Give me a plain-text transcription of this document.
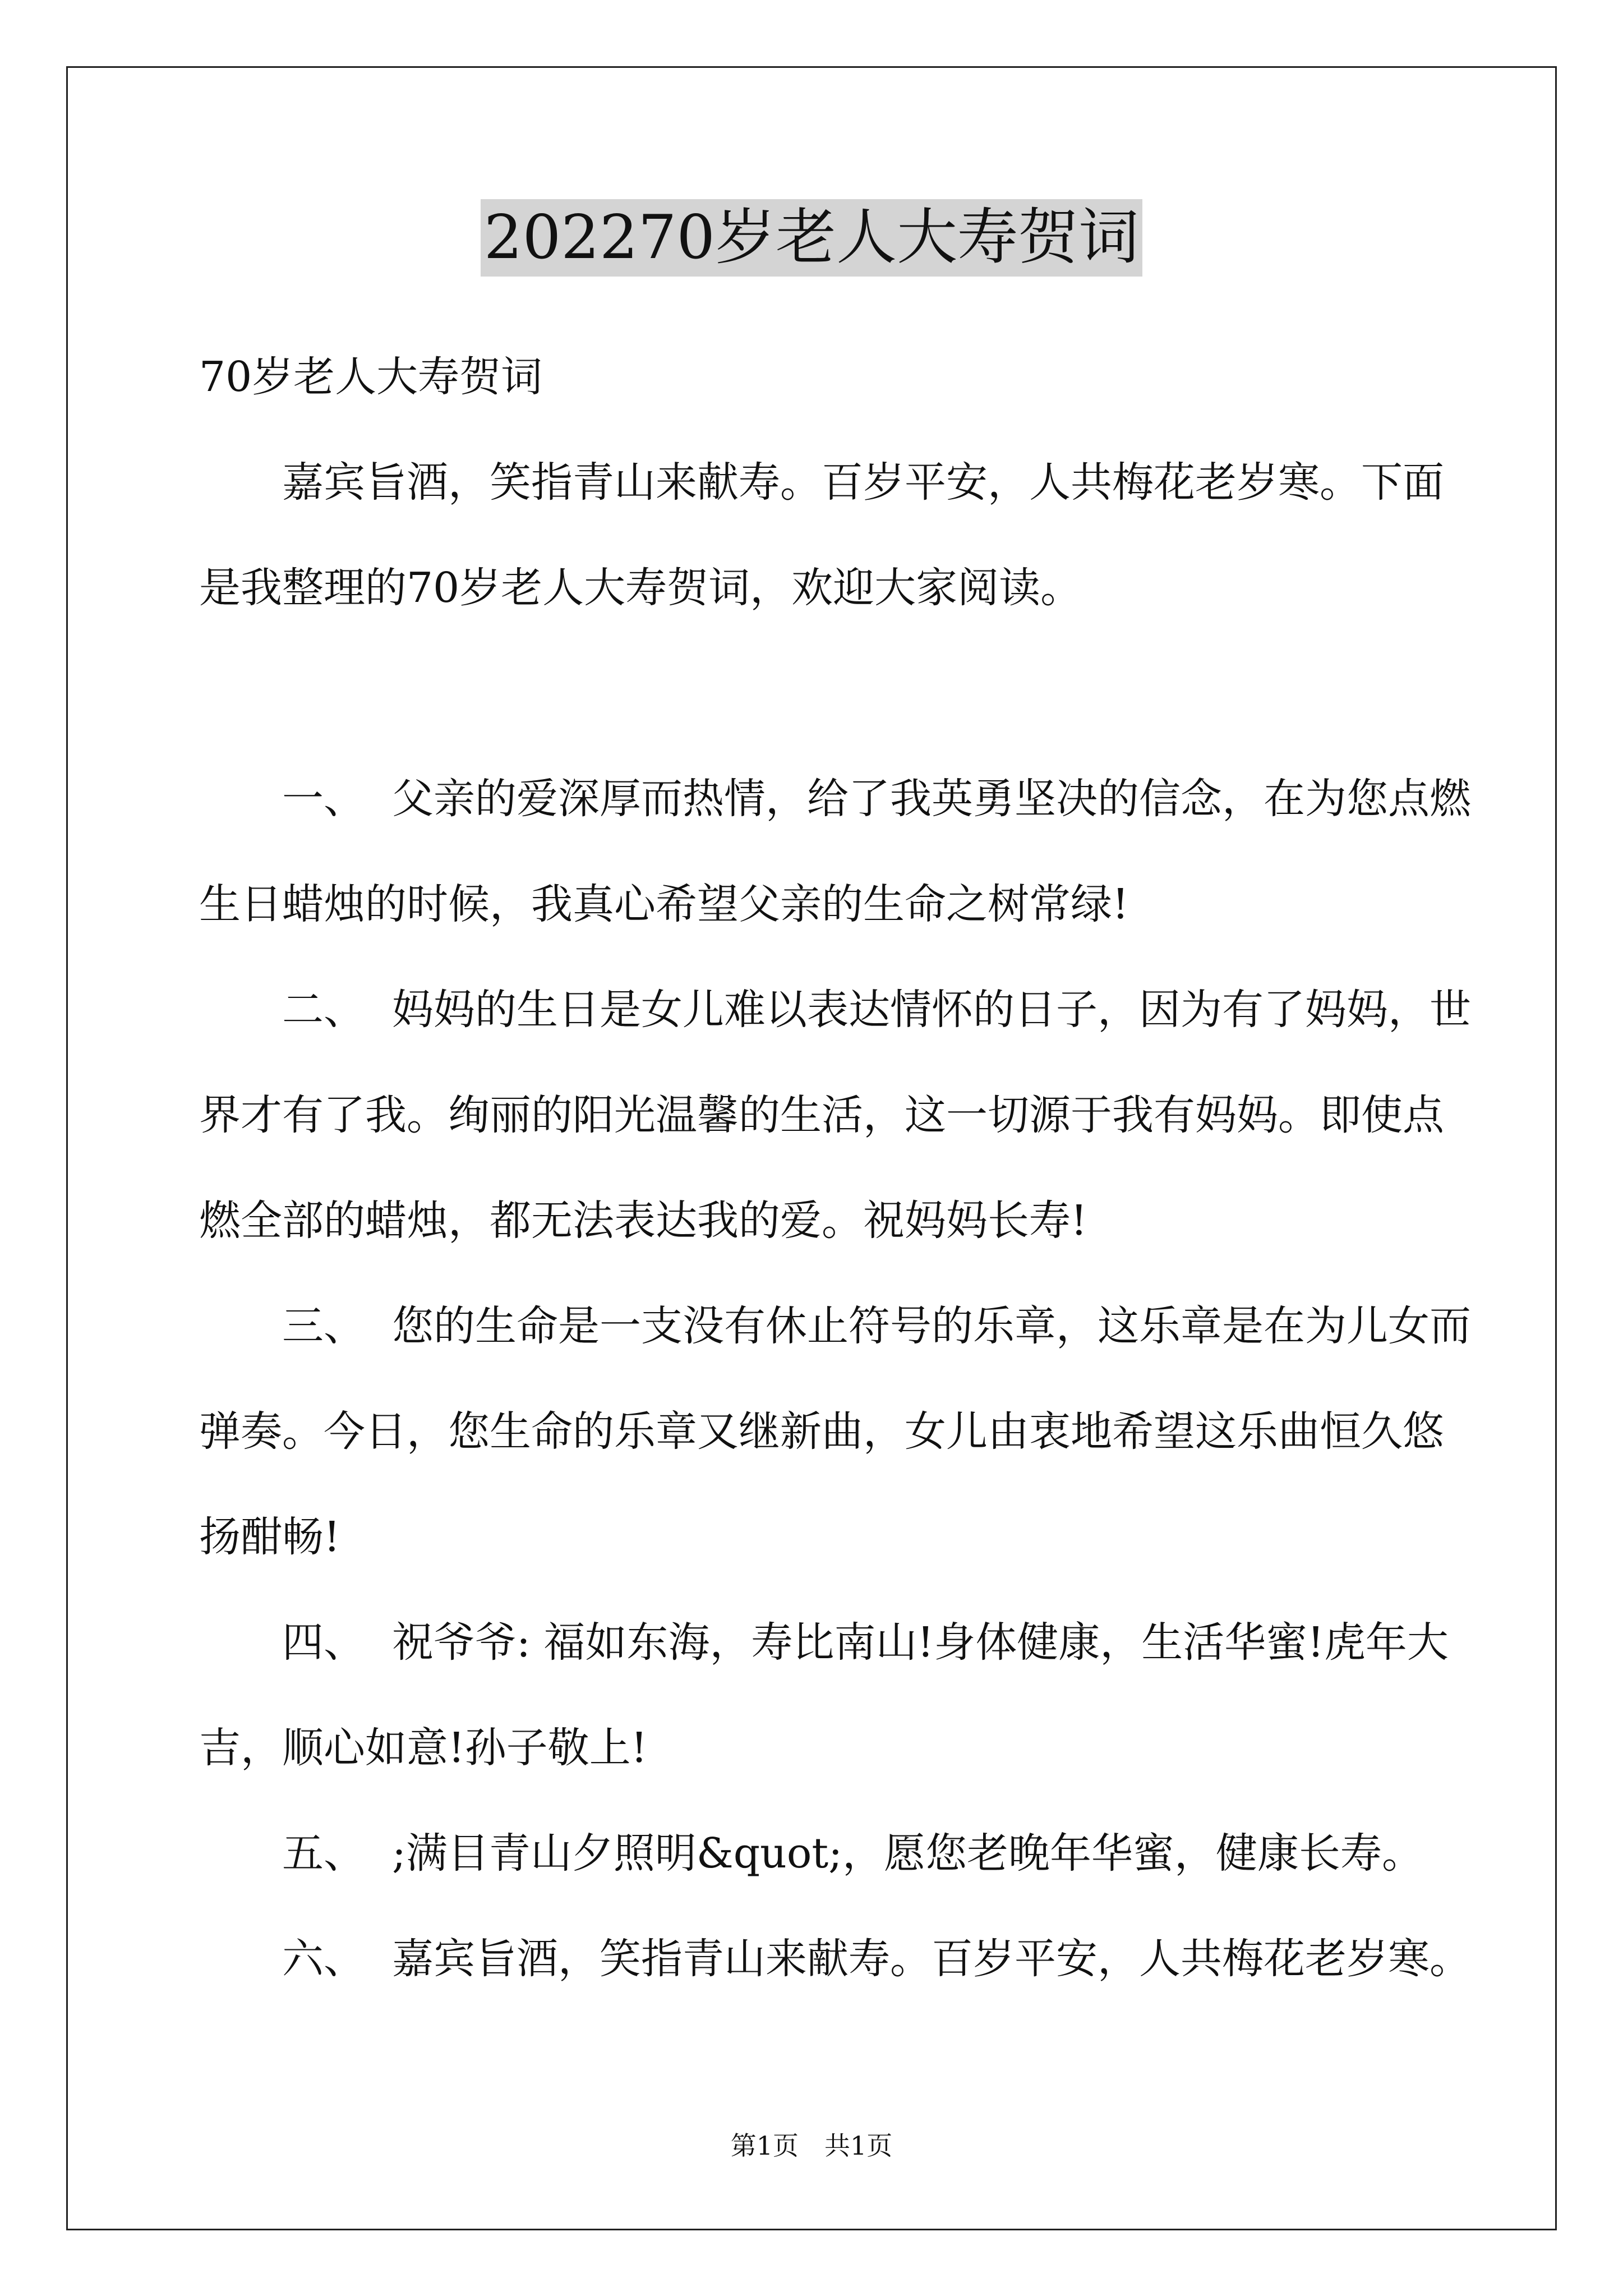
202270岁老人大寿贺词
70岁老人大寿贺词
嘉宾旨酒，笑指青山来献寿。百岁平安，人共梅花老岁寒。下面
是我整理的70岁老人大寿贺词，欢迎大家阅读。
一、 父亲的爱深厚而热情，给了我英勇坚决的信念，在为您点燃
生日蜡烛的时候，我真心希望父亲的生命之树常绿!
二、 妈妈的生日是女儿难以表达情怀的日子，因为有了妈妈，世
界才有了我。绚丽的阳光温馨的生活，这一切源于我有妈妈。即使点
燃全部的蜡烛，都无法表达我的爱。祝妈妈长寿!
三、 您的生命是一支没有休止符号的乐章，这乐章是在为儿女而
弹奏。今日，您生命的乐章又继新曲，女儿由衷地希望这乐曲恒久悠
扬酣畅!
四、 祝爷爷: 福如东海，寿比南山!身体健康，生活华蜜!虎年大
吉，顺心如意!孙子敬上!
五、 ;满目青山夕照明&quot;，愿您老晚年华蜜，健康长寿。
六、 嘉宾旨酒，笑指青山来献寿。百岁平安，人共梅花老岁寒。
第1页 共1页
